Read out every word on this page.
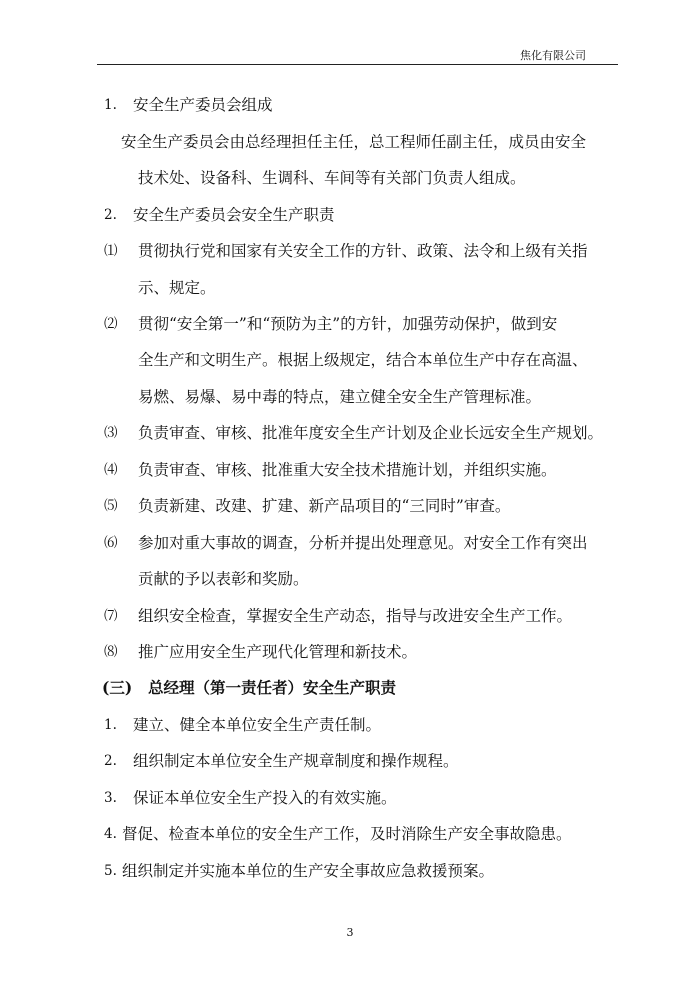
焦化有限公司
1. 安全生产委员会组成
安全生产委员会由总经理担任主任，总工程师任副主任，成员由安全
技术处、设备科、生调科、车间等有关部门负责人组成。
2. 安全生产委员会安全生产职责
⑴ 贯彻执行党和国家有关安全工作的方针、政策、法令和上级有关指
示、规定。
⑵ 贯彻“安全第一”和“预防为主”的方针，加强劳动保护，做到安
全生产和文明生产。根据上级规定，结合本单位生产中存在高温、
易燃、易爆、易中毒的特点，建立健全安全生产管理标准。
⑶ 负责审查、审核、批准年度安全生产计划及企业长远安全生产规划。
⑷ 负责审查、审核、批准重大安全技术措施计划，并组织实施。
⑸ 负责新建、改建、扩建、新产品项目的“三同时”审查。
⑹ 参加对重大事故的调查，分析并提出处理意见。对安全工作有突出
贡献的予以表彰和奖励。
⑺ 组织安全检查，掌握安全生产动态，指导与改进安全生产工作。
⑻ 推广应用安全生产现代化管理和新技术。
(三) 总经理（第一责任者）安全生产职责
1. 建立、健全本单位安全生产责任制。
2. 组织制定本单位安全生产规章制度和操作规程。
3. 保证本单位安全生产投入的有效实施。
4. 督促、检查本单位的安全生产工作，及时消除生产安全事故隐患。
5. 组织制定并实施本单位的生产安全事故应急救援预案。
3
